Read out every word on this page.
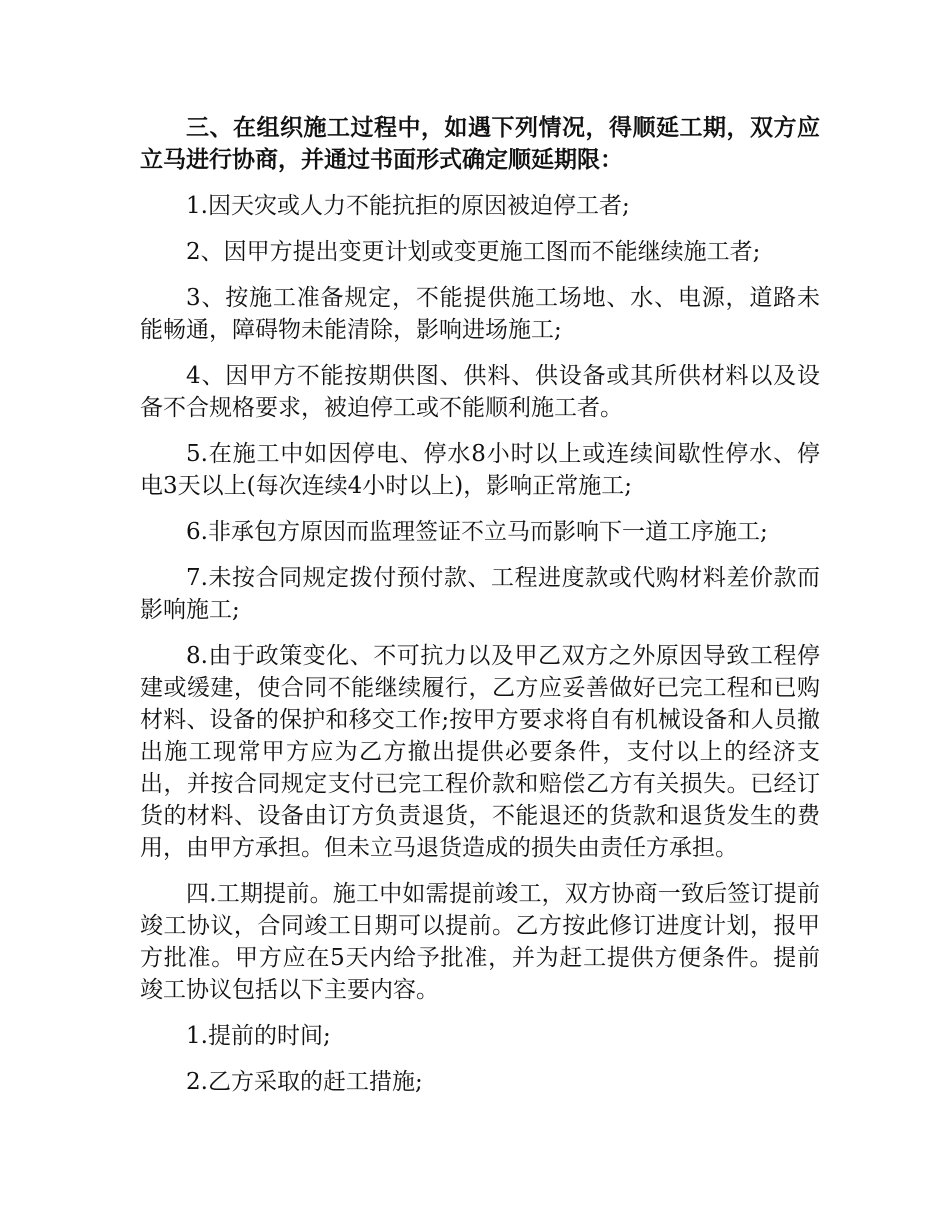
三、在组织施工过程中，如遇下列情况，得顺延工期，双方应立马进行协商，并通过书面形式确定顺延期限：

1.因天灾或人力不能抗拒的原因被迫停工者;

2、因甲方提出变更计划或变更施工图而不能继续施工者;

3、按施工准备规定，不能提供施工场地、水、电源，道路未能畅通，障碍物未能清除，影响进场施工;

4、因甲方不能按期供图、供料、供设备或其所供材料以及设备不合规格要求，被迫停工或不能顺利施工者。

5.在施工中如因停电、停水8小时以上或连续间歇性停水、停电3天以上(每次连续4小时以上)，影响正常施工;

6.非承包方原因而监理签证不立马而影响下一道工序施工;

7.未按合同规定拨付预付款、工程进度款或代购材料差价款而影响施工;

8.由于政策变化、不可抗力以及甲乙双方之外原因导致工程停建或缓建，使合同不能继续履行，乙方应妥善做好已完工程和已购材料、设备的保护和移交工作;按甲方要求将自有机械设备和人员撤出施工现常甲方应为乙方撤出提供必要条件，支付以上的经济支出，并按合同规定支付已完工程价款和赔偿乙方有关损失。已经订货的材料、设备由订方负责退货，不能退还的货款和退货发生的费用，由甲方承担。但未立马退货造成的损失由责任方承担。

四.工期提前。施工中如需提前竣工，双方协商一致后签订提前竣工协议，合同竣工日期可以提前。乙方按此修订进度计划，报甲方批准。甲方应在5天内给予批准，并为赶工提供方便条件。提前竣工协议包括以下主要内容。

1.提前的时间;

2.乙方采取的赶工措施;
